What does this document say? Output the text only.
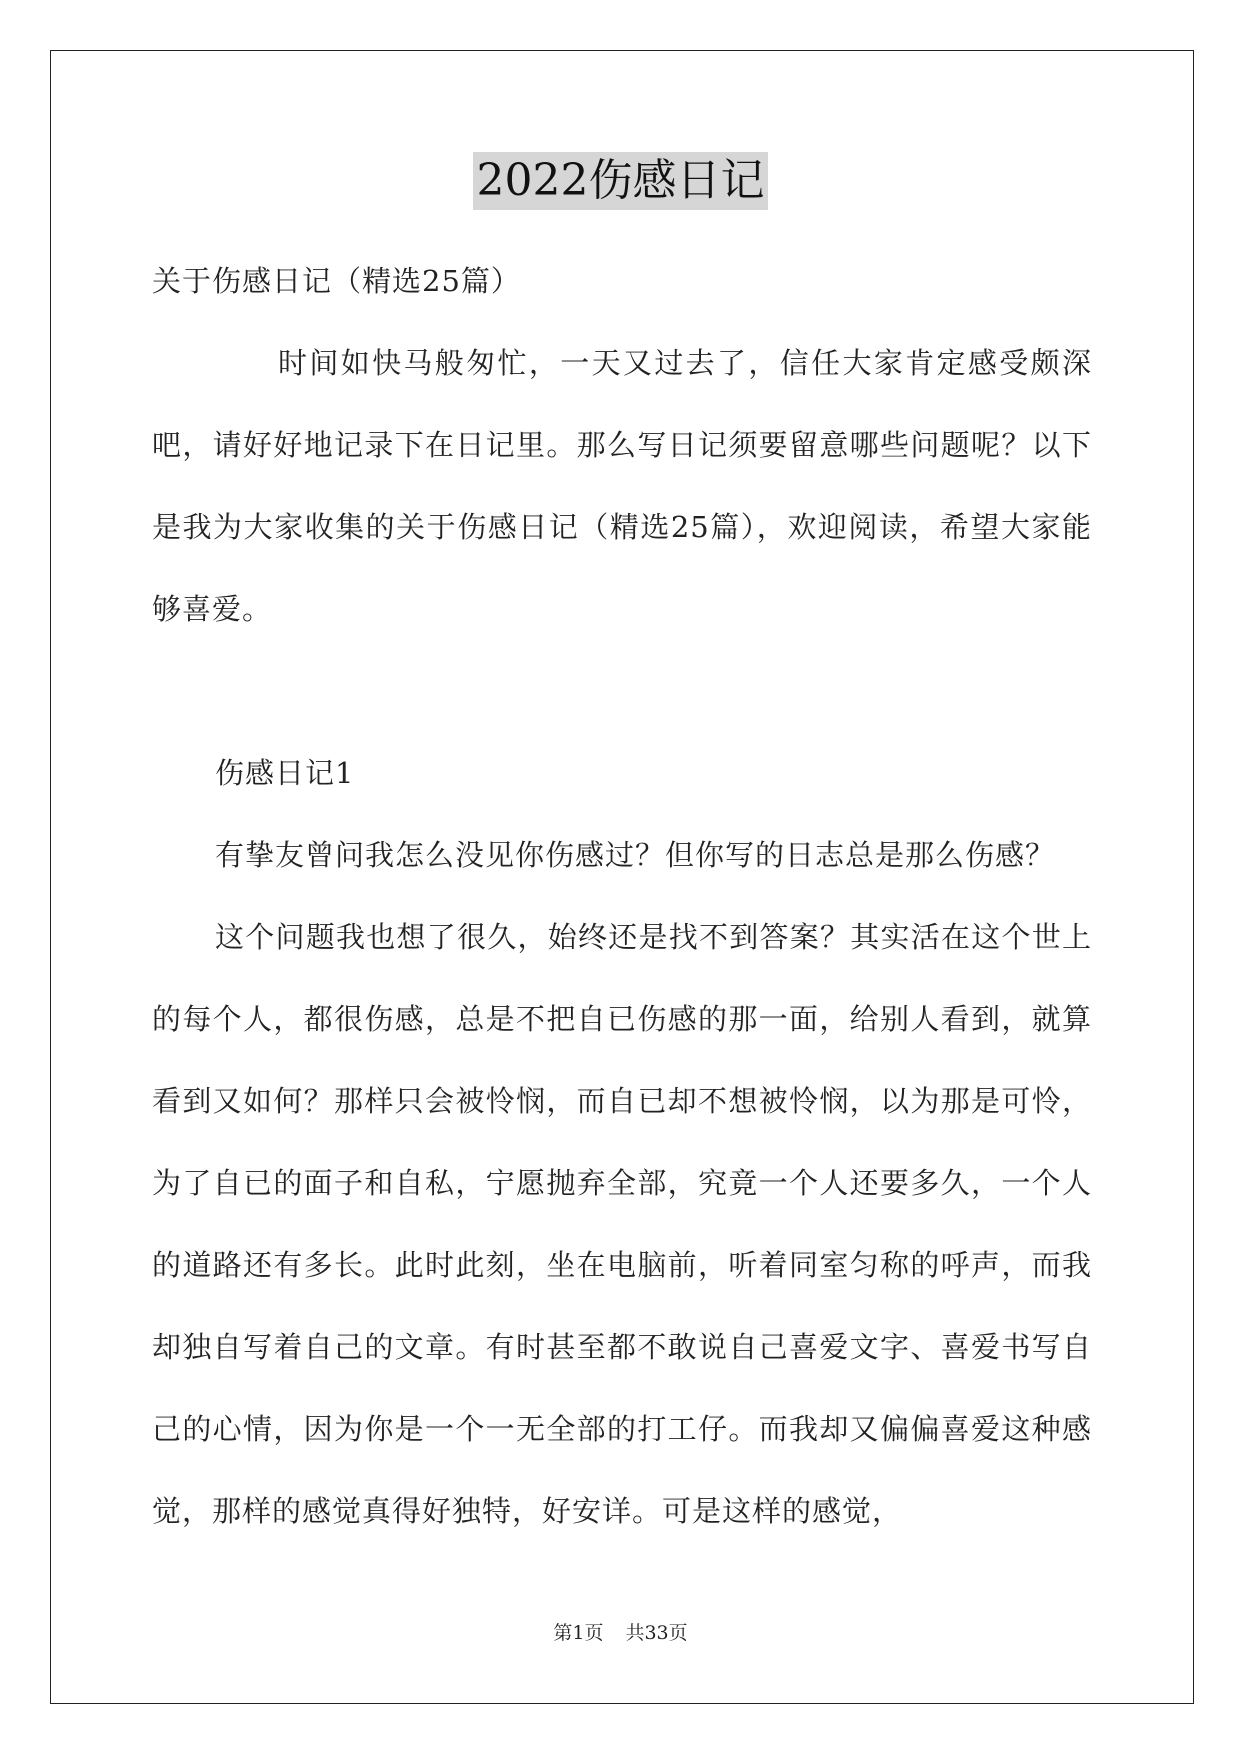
2022伤感日记

关于伤感日记（精选25篇）

时间如快马般匆忙，一天又过去了，信任大家肯定感受颇深吧，请好好地记录下在日记里。那么写日记须要留意哪些问题呢？以下是我为大家收集的关于伤感日记（精选25篇），欢迎阅读，希望大家能够喜爱。

伤感日记1

有挚友曾问我怎么没见你伤感过？但你写的日志总是那么伤感？

这个问题我也想了很久，始终还是找不到答案？其实活在这个世上的每个人，都很伤感，总是不把自已伤感的那一面，给别人看到，就算看到又如何？那样只会被怜悯，而自已却不想被怜悯，以为那是可怜，为了自已的面子和自私，宁愿抛弃全部，究竟一个人还要多久，一个人的道路还有多长。此时此刻，坐在电脑前，听着同室匀称的呼声，而我却独自写着自己的文章。有时甚至都不敢说自己喜爱文字、喜爱书写自己的心情，因为你是一个一无全部的打工仔。而我却又偏偏喜爱这种感觉，那样的感觉真得好独特，好安详。可是这样的感觉，

第1页 共33页
